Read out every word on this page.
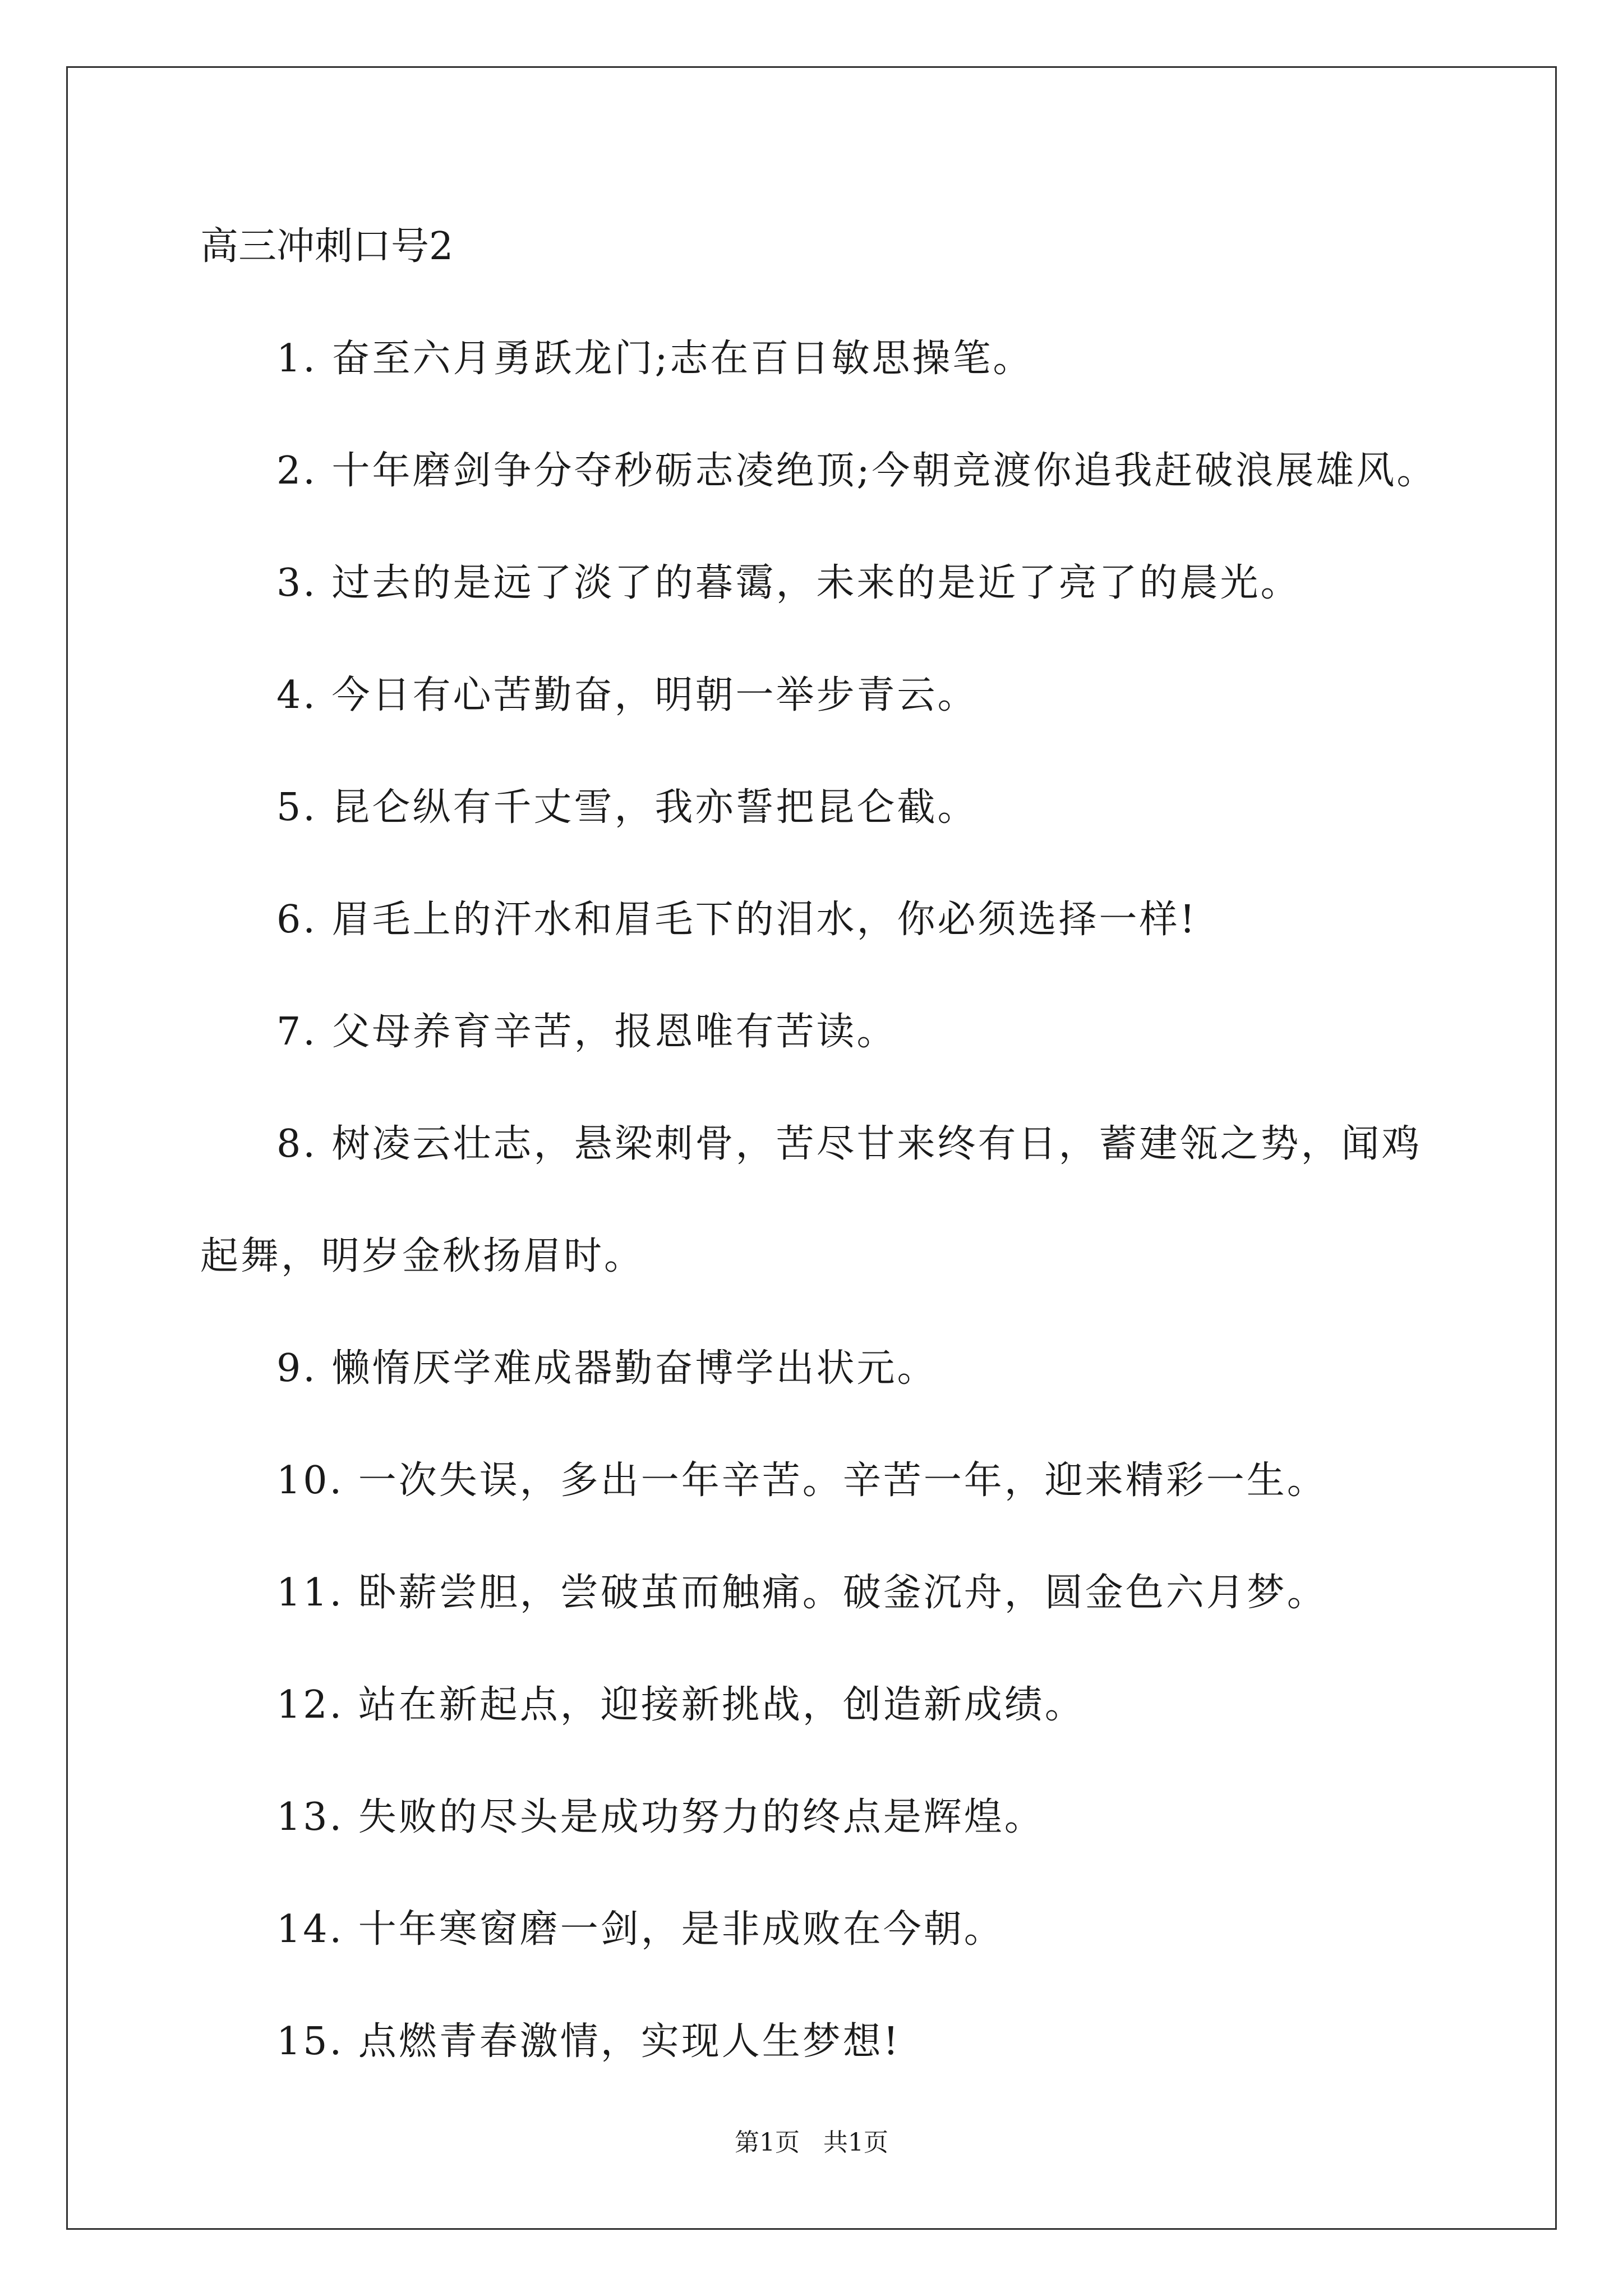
高三冲刺口号2

1. 奋至六月勇跃龙门;志在百日敏思操笔。

2. 十年磨剑争分夺秒砺志凌绝顶;今朝竞渡你追我赶破浪展雄风。

3. 过去的是远了淡了的暮霭，未来的是近了亮了的晨光。

4. 今日有心苦勤奋，明朝一举步青云。

5. 昆仑纵有千丈雪，我亦誓把昆仑截。

6. 眉毛上的汗水和眉毛下的泪水，你必须选择一样!

7. 父母养育辛苦，报恩唯有苦读。

8. 树凌云壮志，悬梁刺骨，苦尽甘来终有日，蓄建瓴之势，闻鸡
起舞，明岁金秋扬眉时。

9. 懒惰厌学难成器勤奋博学出状元。

10. 一次失误，多出一年辛苦。辛苦一年，迎来精彩一生。

11. 卧薪尝胆，尝破茧而触痛。破釜沉舟，圆金色六月梦。

12. 站在新起点，迎接新挑战，创造新成绩。

13. 失败的尽头是成功努力的终点是辉煌。

14. 十年寒窗磨一剑，是非成败在今朝。

15. 点燃青春激情，实现人生梦想!

第1页 共1页
